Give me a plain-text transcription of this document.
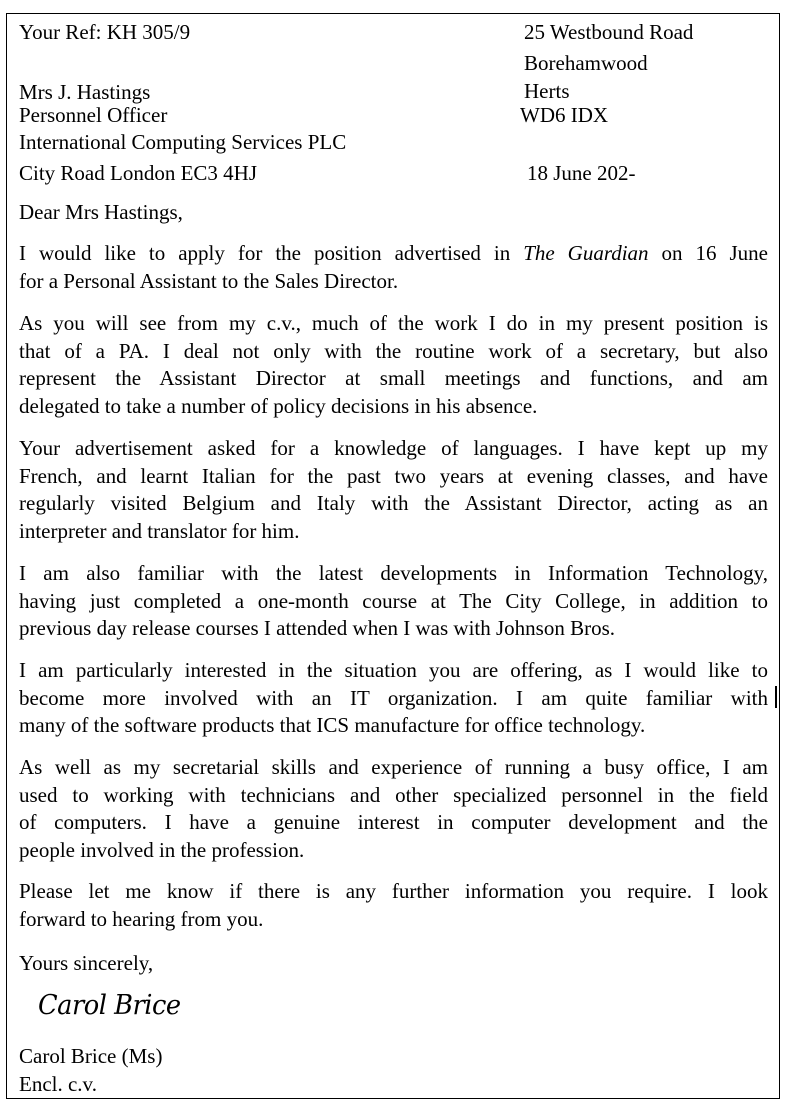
Your Ref: KH 305/9	25 Westbound Road
Borehamwood
Herts
WD6 IDX
Mrs J. Hastings
Personnel Officer
International Computing Services PLC
City Road London EC3 4HJ	18 June 202-
Dear Mrs Hastings,
I would like to apply for the position advertised in The Guardian on 16 June
for a Personal Assistant to the Sales Director.
As you will see from my c.v., much of the work I do in my present position is
that of a PA. I deal not only with the routine work of a secretary, but also
represent the Assistant Director at small meetings and functions, and am
delegated to take a number of policy decisions in his absence.
Your advertisement asked for a knowledge of languages. I have kept up my
French, and learnt Italian for the past two years at evening classes, and have
regularly visited Belgium and Italy with the Assistant Director, acting as an
interpreter and translator for him.
I am also familiar with the latest developments in Information Technology,
having just completed a one-month course at The City College, in addition to
previous day release courses I attended when I was with Johnson Bros.
I am particularly interested in the situation you are offering, as I would like to
become more involved with an IT organization. I am quite familiar with
many of the software products that ICS manufacture for office technology.
As well as my secretarial skills and experience of running a busy office, I am
used to working with technicians and other specialized personnel in the field
of computers. I have a genuine interest in computer development and the
people involved in the profession.
Please let me know if there is any further information you require. I look
forward to hearing from you.
Yours sincerely,
Carol Brice
Carol Brice (Ms)
Encl. c.v.
